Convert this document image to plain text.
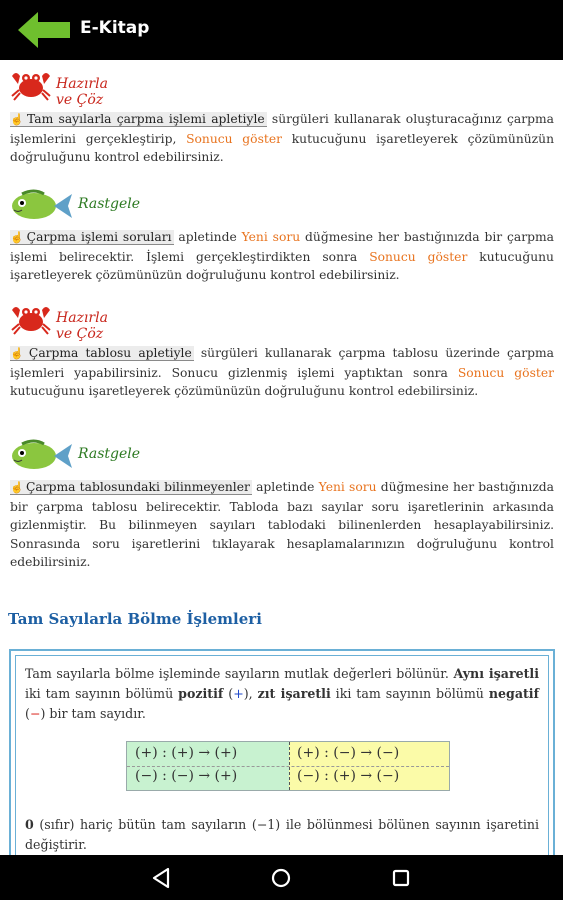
E-Kitap
Hazırla ve Çöz

☝ Tam sayılarla çarpma işlemi apletiyle sürgüleri kullanarak oluşturacağınız çarpma işlemlerini gerçekleştirip, Sonucu göster kutucuğunu işaretleyerek çözümünüzün doğruluğunu kontrol edebilirsiniz.

Rastgele

☝ Çarpma işlemi soruları apletinde Yeni soru düğmesine her bastığınızda bir çarpma işlemi belirecektir. İşlemi gerçekleştirdikten sonra Sonucu göster kutucuğunu işaretleyerek çözümünüzün doğruluğunu kontrol edebilirsiniz.

Hazırla ve Çöz

☝ Çarpma tablosu apletiyle sürgüleri kullanarak çarpma tablosu üzerinde çarpma işlemleri yapabilirsiniz. Sonucu gizlenmiş işlemi yaptıktan sonra Sonucu göster kutucuğunu işaretleyerek çözümünüzün doğruluğunu kontrol edebilirsiniz.

Rastgele

☝ Çarpma tablosundaki bilinmeyenler apletinde Yeni soru düğmesine her bastığınızda bir çarpma tablosu belirecektir. Tabloda bazı sayılar soru işaretlerinin arkasında gizlenmiştir. Bu bilinmeyen sayıları tablodaki bilinenlerden hesaplayabilirsiniz. Sonrasında soru işaretlerini tıklayarak hesaplamalarınızın doğruluğunu kontrol edebilirsiniz.

Tam Sayılarla Bölme İşlemleri

Tam sayılarla bölme işleminde sayıların mutlak değerleri bölünür. Aynı işaretli iki tam sayının bölümü pozitif (+), zıt işaretli iki tam sayının bölümü negatif (−) bir tam sayıdır.

(+) : (+) → (+)
(−) : (−) → (+)
(+) : (−) → (−)
(−) : (+) → (−)

0 (sıfır) hariç bütün tam sayıların (−1) ile bölünmesi bölünen sayının işaretini değiştirir.
